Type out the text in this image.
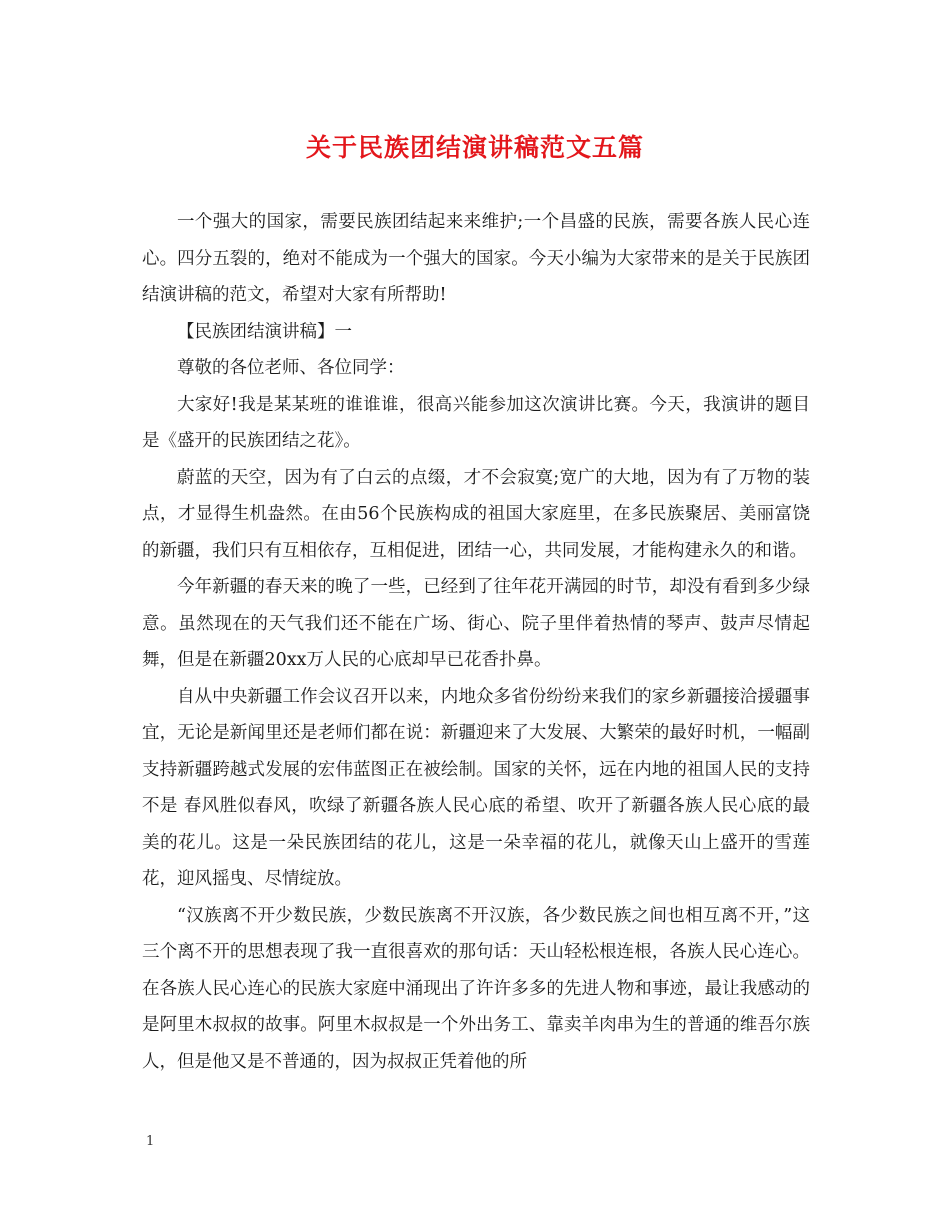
关于民族团结演讲稿范文五篇

一个强大的国家，需要民族团结起来来维护;一个昌盛的民族，需要各族人民心连心。四分五裂的，绝对不能成为一个强大的国家。今天小编为大家带来的是关于民族团结演讲稿的范文，希望对大家有所帮助!

【民族团结演讲稿】一

尊敬的各位老师、各位同学：

大家好!我是某某班的谁谁谁，很高兴能参加这次演讲比赛。今天，我演讲的题目是《盛开的民族团结之花》。

蔚蓝的天空，因为有了白云的点缀，才不会寂寞;宽广的大地，因为有了万物的装点，才显得生机盎然。在由56个民族构成的祖国大家庭里，在多民族聚居、美丽富饶的新疆，我们只有互相依存，互相促进，团结一心，共同发展，才能构建永久的和谐。

今年新疆的春天来的晚了一些，已经到了往年花开满园的时节，却没有看到多少绿意。虽然现在的天气我们还不能在广场、街心、院子里伴着热情的琴声、鼓声尽情起舞，但是在新疆20xx万人民的心底却早已花香扑鼻。

自从中央新疆工作会议召开以来，内地众多省份纷纷来我们的家乡新疆接洽援疆事宜，无论是新闻里还是老师们都在说：新疆迎来了大发展、大繁荣的最好时机，一幅副支持新疆跨越式发展的宏伟蓝图正在被绘制。国家的关怀，远在内地的祖国人民的支持不是 春风胜似春风，吹绿了新疆各族人民心底的希望、吹开了新疆各族人民心底的最美的花儿。这是一朵民族团结的花儿，这是一朵幸福的花儿，就像天山上盛开的雪莲花，迎风摇曳、尽情绽放。

“汉族离不开少数民族，少数民族离不开汉族，各少数民族之间也相互离不开，”这三个离不开的思想表现了我一直很喜欢的那句话：天山轻松根连根，各族人民心连心。在各族人民心连心的民族大家庭中涌现出了许许多多的先进人物和事迹，最让我感动的是阿里木叔叔的故事。阿里木叔叔是一个外出务工、靠卖羊肉串为生的普通的维吾尔族人，但是他又是不普通的，因为叔叔正凭着他的所

1
